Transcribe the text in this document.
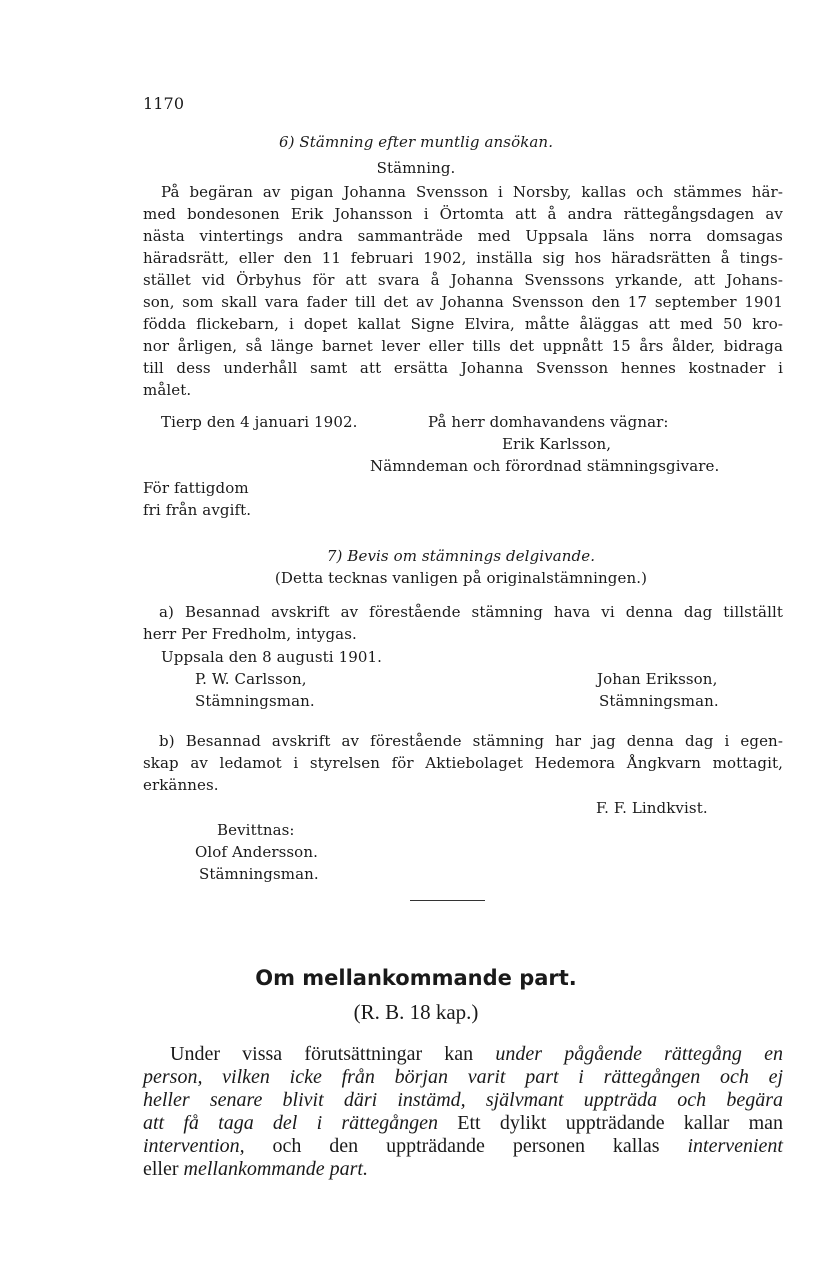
1170
6) Stämning efter muntlig ansökan.
Stämning.
På begäran av pigan Johanna Svensson i Norsby, kallas och stämmes här-
med bondesonen Erik Johansson i Örtomta att å andra rättegångsdagen av
nästa vintertings andra sammanträde med Uppsala läns norra domsagas
häradsrätt, eller den 11 februari 1902, inställa sig hos häradsrätten å tings-
stället vid Örbyhus för att svara å Johanna Svenssons yrkande, att Johans-
son, som skall vara fader till det av Johanna Svensson den 17 september 1901
födda flickebarn, i dopet kallat Signe Elvira, måtte åläggas att med 50 kro-
nor årligen, så länge barnet lever eller tills det uppnått 15 års ålder, bidraga
till dess underhåll samt att ersätta Johanna Svensson hennes kostnader i
målet.
Tierp den 4 januari 1902.	På herr domhavandens vägnar:
Erik Karlsson,
Nämndeman och förordnad stämningsgivare.
För fattigdom
fri från avgift.
7) Bevis om stämnings delgivande.
(Detta tecknas vanligen på originalstämningen.)
a) Besannad avskrift av förestående stämning hava vi denna dag tillställt
herr Per Fredholm, intygas.
Uppsala den 8 augusti 1901.
P. W. Carlsson,
Stämningsman.
Johan Eriksson,
Stämningsman.
b) Besannad avskrift av förestående stämning har jag denna dag i egen-
skap av ledamot i styrelsen för Aktiebolaget Hedemora Ångkvarn mottagit,
erkännes.
F. F. Lindkvist.
Bevittnas:
Olof Andersson.
Stämningsman.
Om mellankommande part.
(R. B. 18 kap.)
Under vissa förutsättningar kan under pågående rättegång en
person, vilken icke från början varit part i rättegången och ej
heller senare blivit däri instämd, självmant uppträda och begära
att få taga del i rättegången Ett dylikt uppträdande kallar man
intervention, och den uppträdande personen kallas intervenient
eller mellankommande part.
